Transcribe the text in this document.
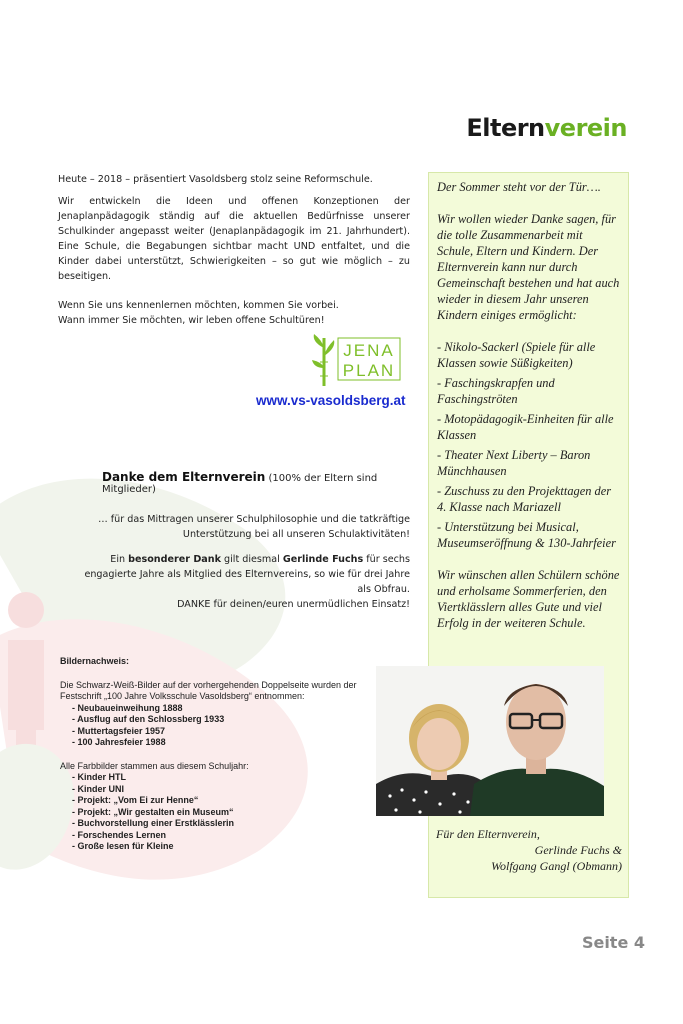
Elternverein

Heute – 2018 – präsentiert Vasoldsberg stolz seine Reformschule.

Wir entwickeln die Ideen und offenen Konzeptionen der Jenaplanpädagogik ständig auf die aktuellen Bedürfnisse unserer Schulkinder angepasst weiter (Jenaplanpädagogik im 21. Jahrhundert). Eine Schule, die Begabungen sichtbar macht UND entfaltet, und die Kinder dabei unterstützt, Schwierigkeiten – so gut wie möglich – zu beseitigen.

Wenn Sie uns kennenlernen möchten, kommen Sie vorbei.

Wann immer Sie möchten, wir leben offene Schultüren!

JENA
PLAN
www.vs-vasoldsberg.at
Danke dem Elternverein (100% der Eltern sind Mitglieder)

… für das Mittragen unserer Schulphilosophie und die tatkräftige Unterstützung bei all unseren Schulaktivitäten!

Ein besonderer Dank gilt diesmal Gerlinde Fuchs für sechs engagierte Jahre als Mitglied des Elternvereins, so wie für drei Jahre als Obfrau.

DANKE für deinen/euren unermüdlichen Einsatz!

Bildernachweis:

Die Schwarz-Weiß-Bilder auf der vorhergehenden Doppelseite wurden der Festschrift „100 Jahre Volksschule Vasoldsberg“ entnommen:

- Neubaueinweihung 1888
- Ausflug auf den Schlossberg 1933
- Muttertagsfeier 1957
- 100 Jahresfeier 1988

Alle Farbbilder stammen aus diesem Schuljahr:

- Kinder HTL
- Kinder UNI
- Projekt: „Vom Ei zur Henne“
- Projekt: „Wir gestalten ein Museum“
- Buchvorstellung einer Erstklässlerin
- Forschendes Lernen
- Große lesen für Kleine

Der Sommer steht vor der Tür….

Wir wollen wieder Danke sagen, für die tolle Zusammenarbeit mit Schule, Eltern und Kindern. Der Elternverein kann nur durch Gemeinschaft bestehen und hat auch wieder in diesem Jahr unseren Kindern einiges ermöglicht:

- Nikolo-Sackerl (Spiele für alle Klassen sowie Süßigkeiten)
- Faschingskrapfen und Faschingströten
- Motopädagogik-Einheiten für alle Klassen
- Theater Next Liberty – Baron Münchhausen
- Zuschuss zu den Projekttagen der 4. Klasse nach Mariazell
- Unterstützung bei Musical, Museumseröffnung & 130-Jahrfeier

Wir wünschen allen Schülern schöne und erholsame Sommerferien, den Viertklässlern alles Gute und viel Erfolg in der weiteren Schule.

Für den Elternverein,
Gerlinde Fuchs &
Wolfgang Gangl (Obmann)
Seite 4
